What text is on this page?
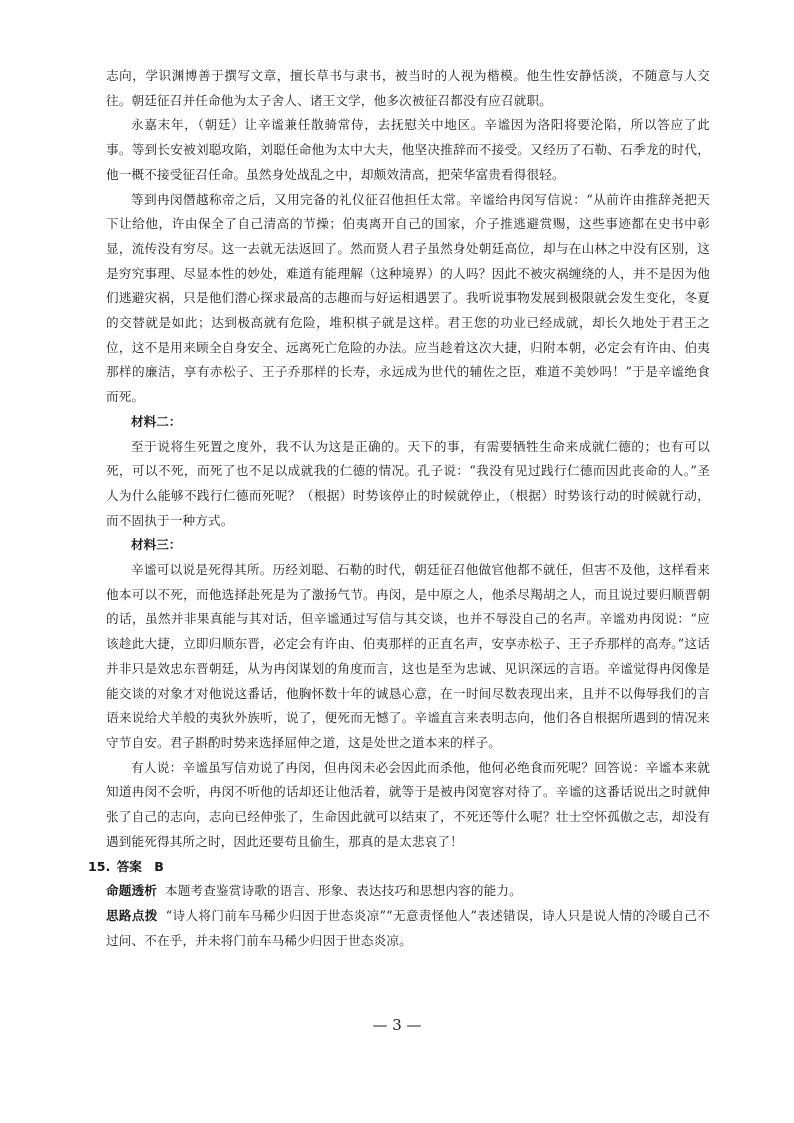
志向，学识渊博善于撰写文章，擅长草书与隶书，被当时的人视为楷模。他生性安静恬淡，不随意与人交往。朝廷征召并任命他为太子舍人、诸王文学，他多次被征召都没有应召就职。

永嘉末年，（朝廷）让辛谧兼任散骑常侍，去抚慰关中地区。辛谧因为洛阳将要沦陷，所以答应了此事。等到长安被刘聪攻陷，刘聪任命他为太中大夫，他坚决推辞而不接受。又经历了石勒、石季龙的时代，他一概不接受征召任命。虽然身处战乱之中，却颇效清高，把荣华富贵看得很轻。

等到冉闵僭越称帝之后，又用完备的礼仪征召他担任太常。辛谧给冉闵写信说：“从前许由推辞尧把天下让给他，许由保全了自己清高的节操；伯夷离开自己的国家，介子推逃避赏赐，这些事迹都在史书中彰显，流传没有穷尽。这一去就无法返回了。然而贤人君子虽然身处朝廷高位，却与在山林之中没有区别，这是穷究事理、尽显本性的妙处，难道有能理解（这种境界）的人吗？因此不被灾祸缠绕的人，并不是因为他们逃避灾祸，只是他们潜心探求最高的志趣而与好运相遇罢了。我听说事物发展到极限就会发生变化，冬夏的交替就是如此；达到极高就有危险，堆积棋子就是这样。君王您的功业已经成就，却长久地处于君王之位，这不是用来顾全自身安全、远离死亡危险的办法。应当趁着这次大捷，归附本朝，必定会有许由、伯夷那样的廉洁，享有赤松子、王子乔那样的长寿，永远成为世代的辅佐之臣，难道不美妙吗！”于是辛谧绝食而死。

材料二：

至于说将生死置之度外，我不认为这是正确的。天下的事，有需要牺牲生命来成就仁德的；也有可以死，可以不死，而死了也不足以成就我的仁德的情况。孔子说：“我没有见过践行仁德而因此丧命的人。”圣人为什么能够不践行仁德而死呢？（根据）时势该停止的时候就停止，（根据）时势该行动的时候就行动，而不固执于一种方式。

材料三：

辛谧可以说是死得其所。历经刘聪、石勒的时代，朝廷征召他做官他都不就任，但害不及他，这样看来他本可以不死，而他选择赴死是为了激扬气节。冉闵，是中原之人，他杀尽羯胡之人，而且说过要归顺晋朝的话，虽然并非果真能与其对话，但辛谧通过写信与其交谈，也并不辱没自己的名声。辛谧劝冉闵说：“应该趁此大捷，立即归顺东晋，必定会有许由、伯夷那样的正直名声，安享赤松子、王子乔那样的高寿。”这话并非只是效忠东晋朝廷，从为冉闵谋划的角度而言，这也是至为忠诚、见识深远的言语。辛谧觉得冉闵像是能交谈的对象才对他说这番话，他胸怀数十年的诚恳心意，在一时间尽数表现出来，且并不以侮辱我们的言语来说给犬羊般的夷狄外族听，说了，便死而无憾了。辛谧直言来表明志向，他们各自根据所遇到的情况来守节自安。君子斟酌时势来选择屈伸之道，这是处世之道本来的样子。

有人说：辛谧虽写信劝说了冉闵，但冉闵未必会因此而杀他，他何必绝食而死呢？回答说：辛谧本来就知道冉闵不会听，冉闵不听他的话却还让他活着，就等于是被冉闵宽容对待了。辛谧的这番话说出之时就伸张了自己的志向，志向已经伸张了，生命因此就可以结束了，不死还等什么呢？壮士空怀孤傲之志，却没有遇到能死得其所之时，因此还要苟且偷生，那真的是太悲哀了！

15. 答案 B

命题透析 本题考查鉴赏诗歌的语言、形象、表达技巧和思想内容的能力。

思路点拨 “诗人将门前车马稀少归因于世态炎凉”“无意责怪他人”表述错误，诗人只是说人情的冷暖自己不过问、不在乎，并未将门前车马稀少归因于世态炎凉。

— 3 —
